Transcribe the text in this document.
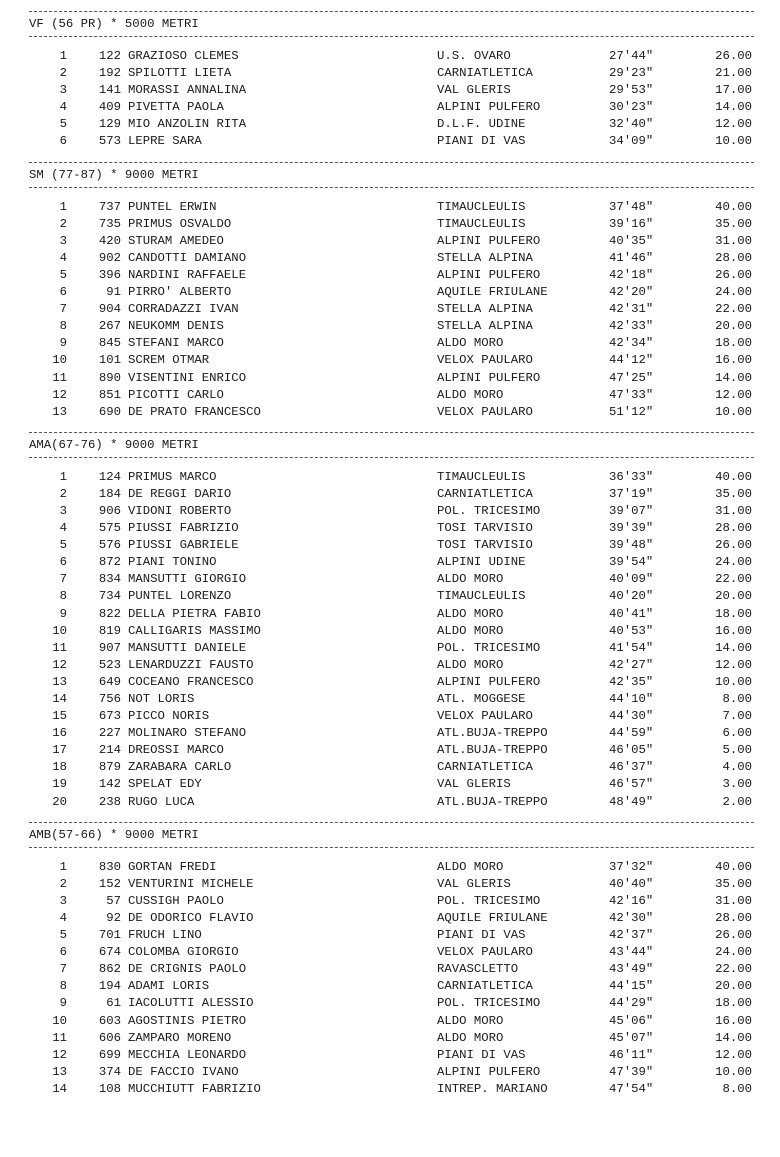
VF (56 PR) * 5000 METRI
1	122 GRAZIOSO CLEMES	U.S. OVARO	27'44"	26.00
2	192 SPILOTTI LIETA	CARNIATLETICA	29'23"	21.00
3	141 MORASSI ANNALINA	VAL GLERIS	29'53"	17.00
4	409 PIVETTA PAOLA	ALPINI PULFERO	30'23"	14.00
5	129 MIO ANZOLIN RITA	D.L.F. UDINE	32'40"	12.00
6	573 LEPRE SARA	PIANI DI VAS	34'09"	10.00
SM (77-87) * 9000 METRI
1	737 PUNTEL ERWIN	TIMAUCLEULIS	37'48"	40.00
2	735 PRIMUS OSVALDO	TIMAUCLEULIS	39'16"	35.00
3	420 STURAM AMEDEO	ALPINI PULFERO	40'35"	31.00
4	902 CANDOTTI DAMIANO	STELLA ALPINA	41'46"	28.00
5	396 NARDINI RAFFAELE	ALPINI PULFERO	42'18"	26.00
6	91 PIRRO' ALBERTO	AQUILE FRIULANE	42'20"	24.00
7	904 CORRADAZZI IVAN	STELLA ALPINA	42'31"	22.00
8	267 NEUKOMM DENIS	STELLA ALPINA	42'33"	20.00
9	845 STEFANI MARCO	ALDO MORO	42'34"	18.00
10	101 SCREM OTMAR	VELOX PAULARO	44'12"	16.00
11	890 VISENTINI ENRICO	ALPINI PULFERO	47'25"	14.00
12	851 PICOTTI CARLO	ALDO MORO	47'33"	12.00
13	690 DE PRATO FRANCESCO	VELOX PAULARO	51'12"	10.00
AMA(67-76) * 9000 METRI
1	124 PRIMUS MARCO	TIMAUCLEULIS	36'33"	40.00
2	184 DE REGGI DARIO	CARNIATLETICA	37'19"	35.00
3	906 VIDONI ROBERTO	POL. TRICESIMO	39'07"	31.00
4	575 PIUSSI FABRIZIO	TOSI TARVISIO	39'39"	28.00
5	576 PIUSSI GABRIELE	TOSI TARVISIO	39'48"	26.00
6	872 PIANI TONINO	ALPINI UDINE	39'54"	24.00
7	834 MANSUTTI GIORGIO	ALDO MORO	40'09"	22.00
8	734 PUNTEL LORENZO	TIMAUCLEULIS	40'20"	20.00
9	822 DELLA PIETRA FABIO	ALDO MORO	40'41"	18.00
10	819 CALLIGARIS MASSIMO	ALDO MORO	40'53"	16.00
11	907 MANSUTTI DANIELE	POL. TRICESIMO	41'54"	14.00
12	523 LENARDUZZI FAUSTO	ALDO MORO	42'27"	12.00
13	649 COCEANO FRANCESCO	ALPINI PULFERO	42'35"	10.00
14	756 NOT LORIS	ATL. MOGGESE	44'10"	8.00
15	673 PICCO NORIS	VELOX PAULARO	44'30"	7.00
16	227 MOLINARO STEFANO	ATL.BUJA-TREPPO	44'59"	6.00
17	214 DREOSSI MARCO	ATL.BUJA-TREPPO	46'05"	5.00
18	879 ZARABARA CARLO	CARNIATLETICA	46'37"	4.00
19	142 SPELAT EDY	VAL GLERIS	46'57"	3.00
20	238 RUGO LUCA	ATL.BUJA-TREPPO	48'49"	2.00
AMB(57-66) * 9000 METRI
1	830 GORTAN FREDI	ALDO MORO	37'32"	40.00
2	152 VENTURINI MICHELE	VAL GLERIS	40'40"	35.00
3	57 CUSSIGH PAOLO	POL. TRICESIMO	42'16"	31.00
4	92 DE ODORICO FLAVIO	AQUILE FRIULANE	42'30"	28.00
5	701 FRUCH LINO	PIANI DI VAS	42'37"	26.00
6	674 COLOMBA GIORGIO	VELOX PAULARO	43'44"	24.00
7	862 DE CRIGNIS PAOLO	RAVASCLETTO	43'49"	22.00
8	194 ADAMI LORIS	CARNIATLETICA	44'15"	20.00
9	61 IACOLUTTI ALESSIO	POL. TRICESIMO	44'29"	18.00
10	603 AGOSTINIS PIETRO	ALDO MORO	45'06"	16.00
11	606 ZAMPARO MORENO	ALDO MORO	45'07"	14.00
12	699 MECCHIA LEONARDO	PIANI DI VAS	46'11"	12.00
13	374 DE FACCIO IVANO	ALPINI PULFERO	47'39"	10.00
14	108 MUCCHIUTT FABRIZIO	INTREP. MARIANO	47'54"	8.00
